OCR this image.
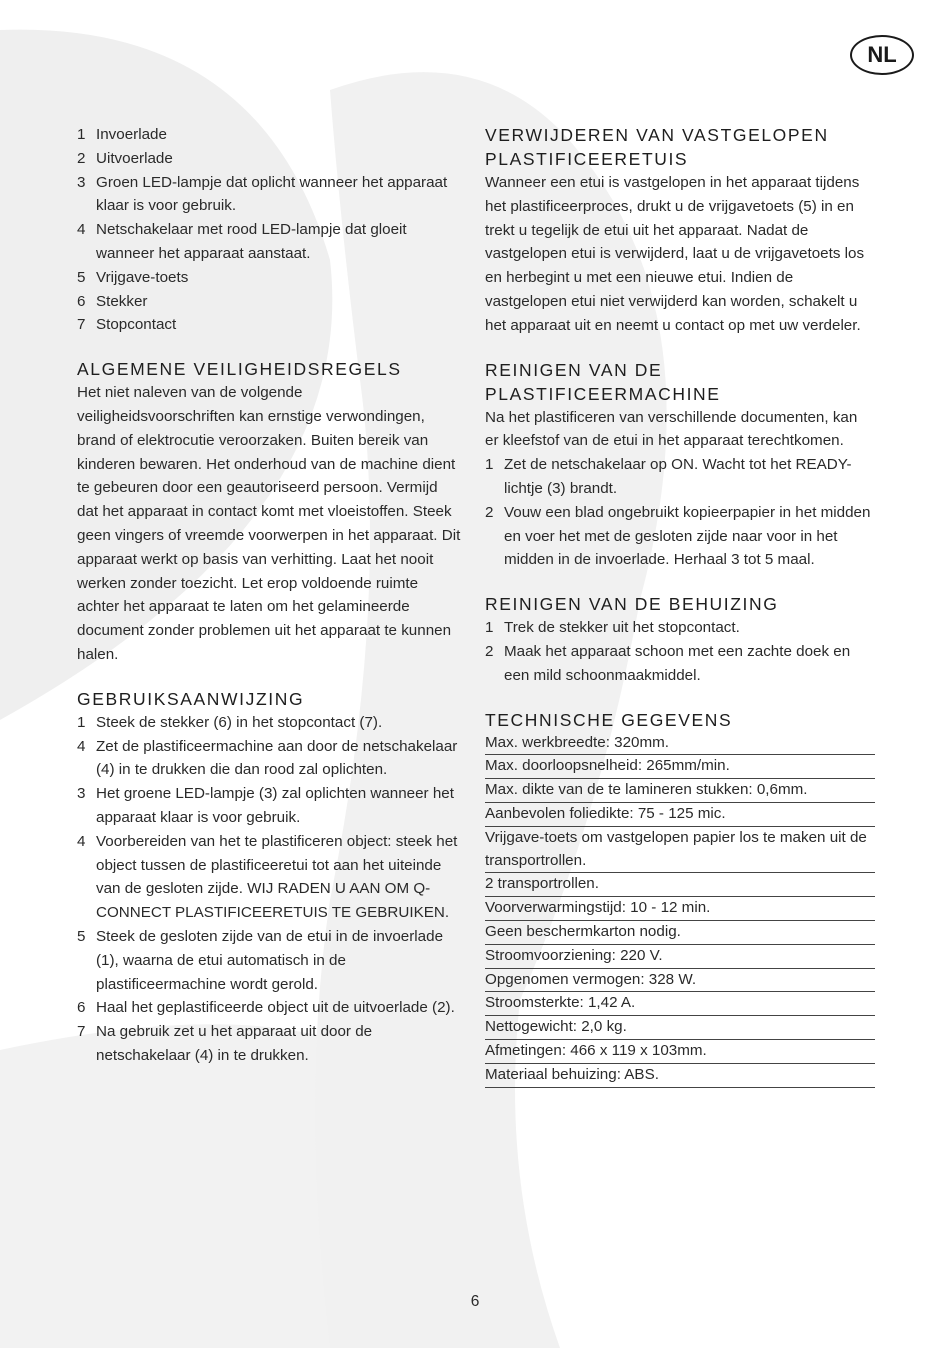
NL
1 Invoerlade
2 Uitvoerlade
3 Groen LED-lampje dat oplicht wanneer het apparaat klaar is voor gebruik.
4 Netschakelaar met rood LED-lampje dat gloeit wanneer het apparaat aanstaat.
5 Vrijgave-toets
6 Stekker
7 Stopcontact
ALGEMENE VEILIGHEIDSREGELS

Het niet naleven van de volgende veiligheidsvoorschriften kan ernstige verwondingen, brand of elektrocutie veroorzaken. Buiten bereik van kinderen bewaren. Het onderhoud van de machine dient te gebeuren door een geautoriseerd persoon. Vermijd dat het apparaat in contact komt met vloeistoffen. Steek geen vingers of vreemde voorwerpen in het apparaat. Dit apparaat werkt op basis van verhitting. Laat het nooit werken zonder toezicht. Let erop voldoende ruimte achter het apparaat te laten om het gelamineerde document zonder problemen uit het apparaat te kunnen halen.

GEBRUIKSAANWIJZING
1 Steek de stekker (6) in het stopcontact (7).
4 Zet de plastificeermachine aan door de netschakelaar (4) in te drukken die dan rood zal oplichten.
3 Het groene LED-lampje (3) zal oplichten wanneer het apparaat klaar is voor gebruik.
4 Voorbereiden van het te plastificeren object: steek het object tussen de plastificeeretui tot aan het uiteinde van de gesloten zijde. WIJ RADEN U AAN OM Q-CONNECT PLASTIFICEERETUIS TE GEBRUIKEN.
5 Steek de gesloten zijde van de etui in de invoerlade (1), waarna de etui automatisch in de plastificeermachine wordt gerold.
6 Haal het geplastificeerde object uit de uitvoerlade (2).
7 Na gebruik zet u het apparaat uit door de netschakelaar (4) in te drukken.
VERWIJDEREN VAN VASTGELOPEN PLASTIFICEERETUIS

Wanneer een etui is vastgelopen in het apparaat tijdens het plastificeerproces, drukt u de vrijgavetoets (5) in en trekt u tegelijk de etui uit het apparaat. Nadat de vastgelopen etui is verwijderd, laat u de vrijgavetoets los en herbegint u met een nieuwe etui. Indien de vastgelopen etui niet verwijderd kan worden, schakelt u het apparaat uit en neemt u contact op met uw verdeler.

REINIGEN VAN DE PLASTIFICEERMACHINE

Na het plastificeren van verschillende documenten, kan er kleefstof van de etui in het apparaat terechtkomen.

1 Zet de netschakelaar op ON. Wacht tot het READY-lichtje (3) brandt.
2 Vouw een blad ongebruikt kopieerpapier in het midden en voer het met de gesloten zijde naar voor in het midden in de invoerlade. Herhaal 3 tot 5 maal.
REINIGEN VAN DE BEHUIZING
1 Trek de stekker uit het stopcontact.
2 Maak het apparaat schoon met een zachte doek en een mild schoonmaakmiddel.
TECHNISCHE GEGEVENS
Max. werkbreedte: 320mm.
Max. doorloopsnelheid: 265mm/min.
Max. dikte van de te lamineren stukken: 0,6mm.
Aanbevolen foliedikte: 75 - 125 mic.
Vrijgave-toets om vastgelopen papier los te maken uit de transportrollen.
2 transportrollen.
Voorverwarmingstijd: 10 - 12 min.
Geen beschermkarton nodig.
Stroomvoorziening: 220 V.
Opgenomen vermogen: 328 W.
Stroomsterkte: 1,42 A.
Nettogewicht: 2,0 kg.
Afmetingen: 466 x 119 x 103mm.
Materiaal behuizing: ABS.
6
